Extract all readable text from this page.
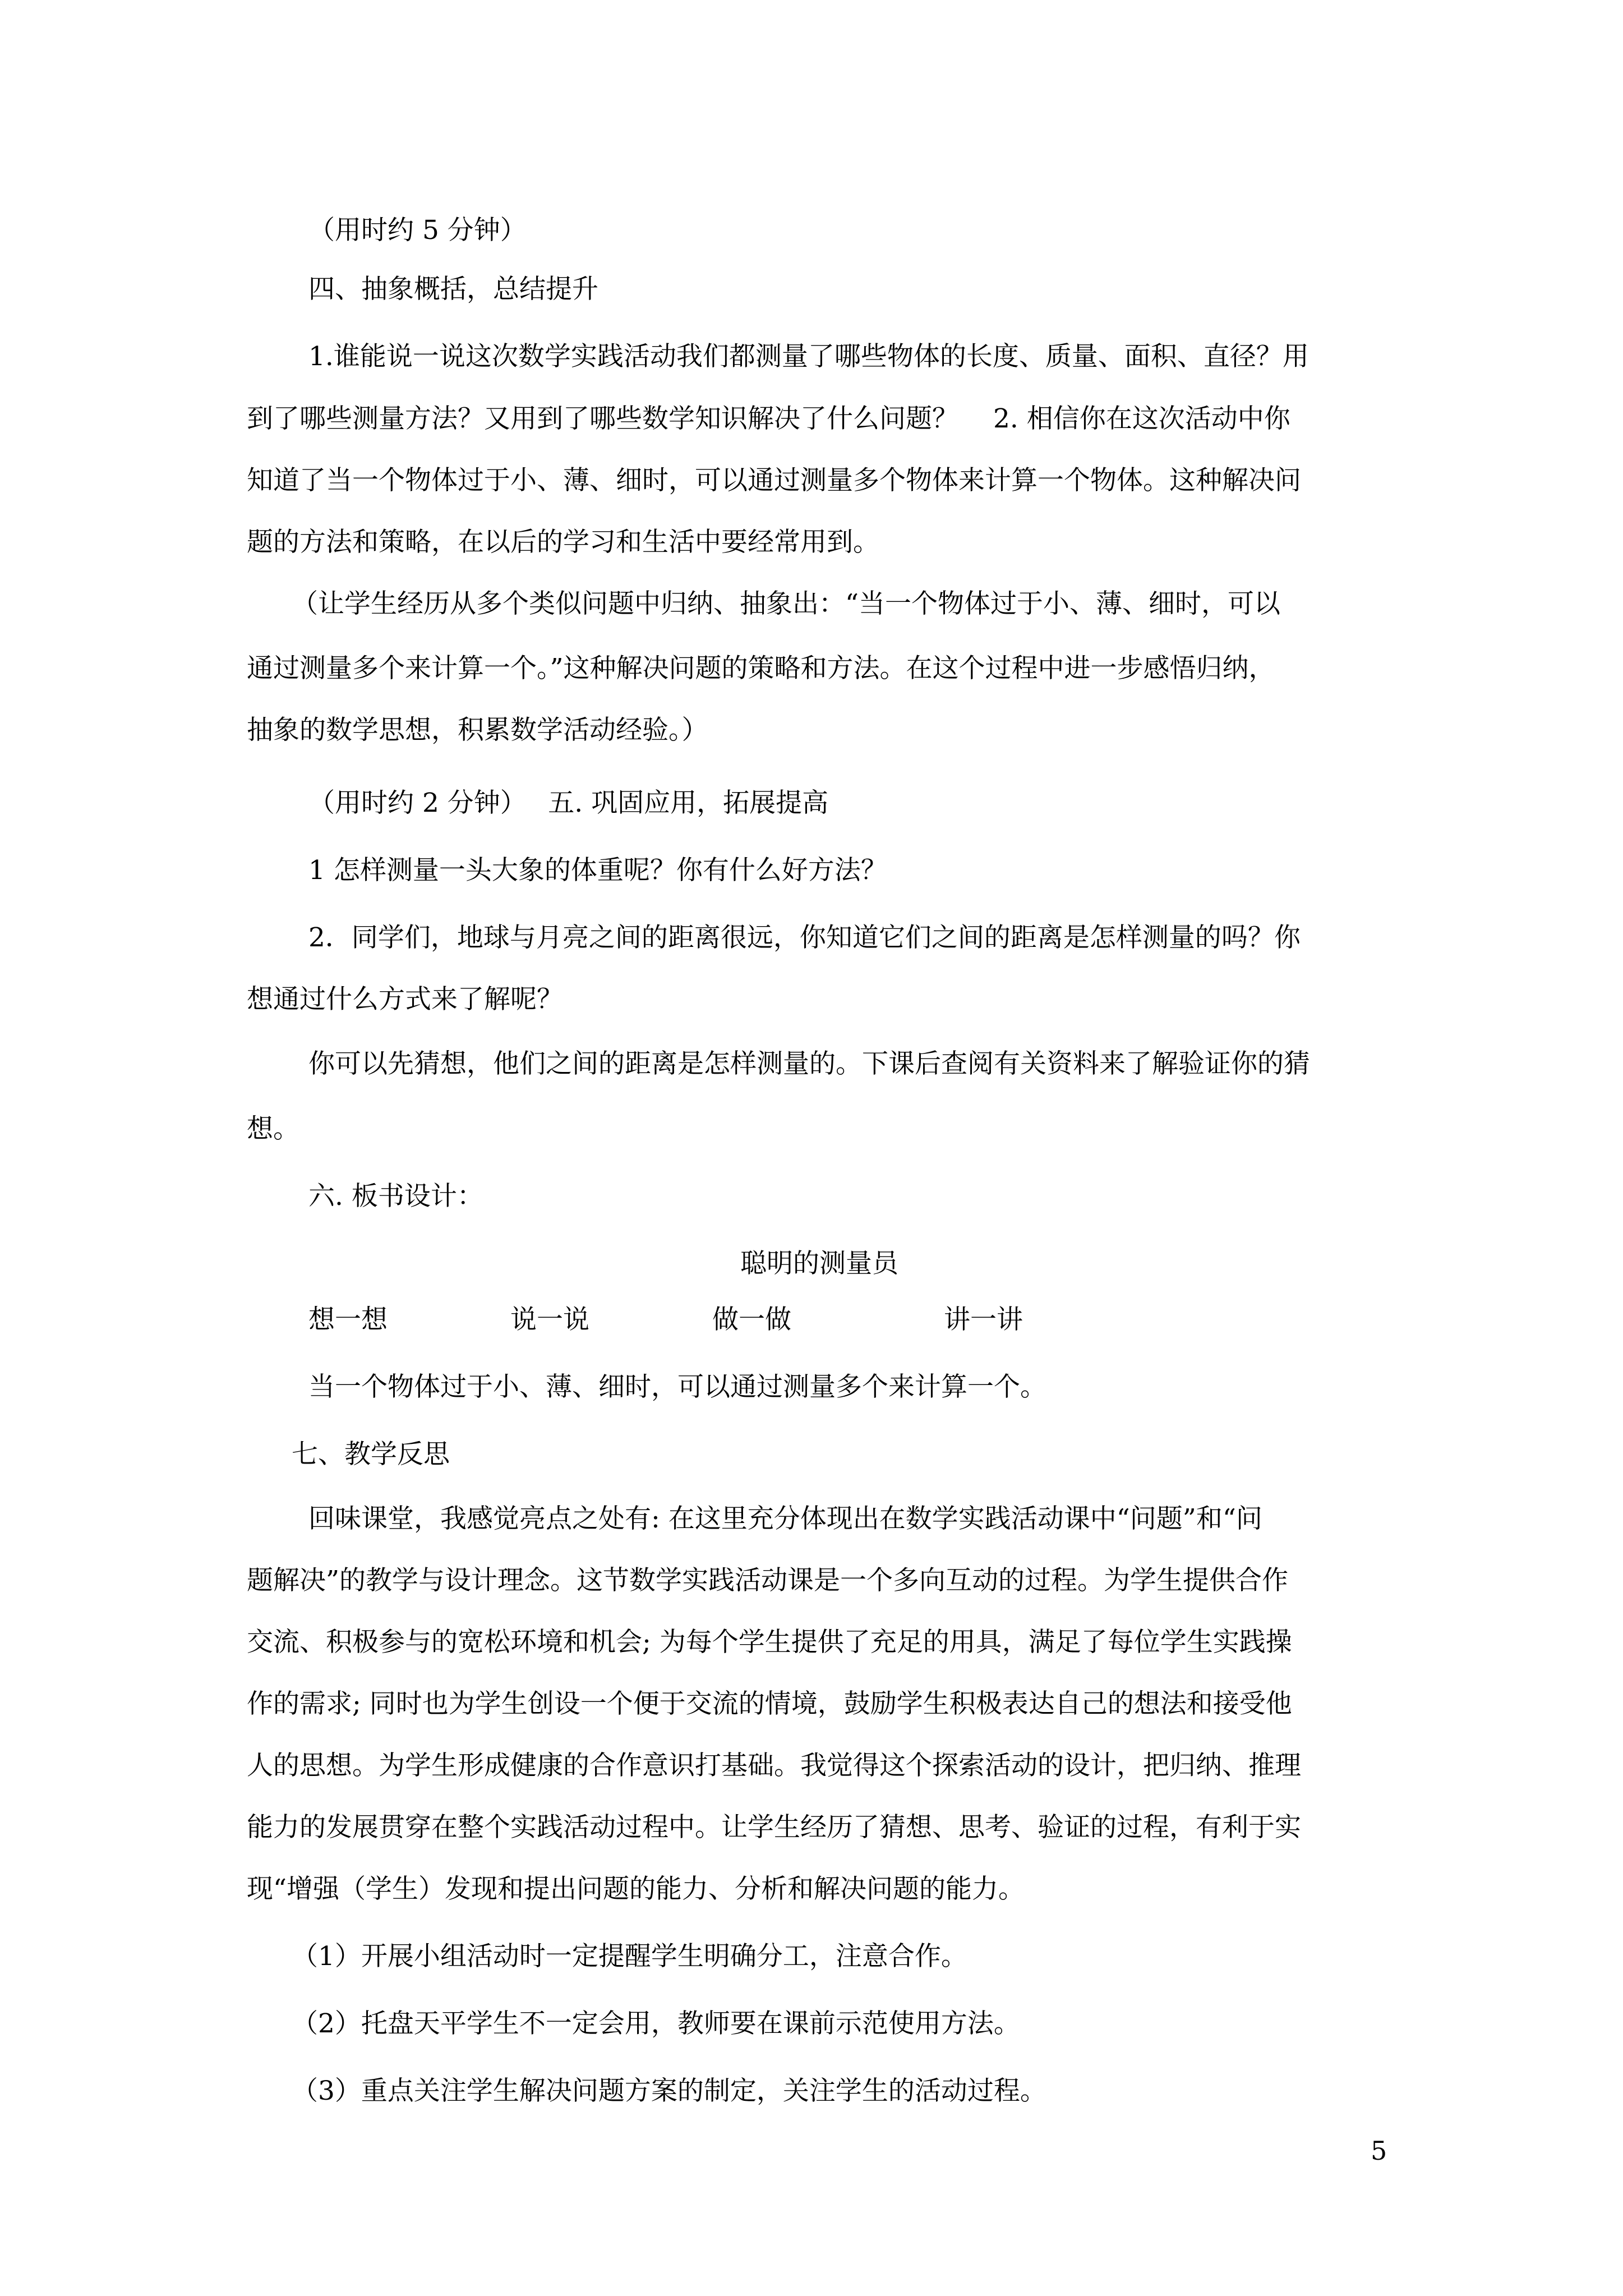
（用时约 5 分钟）
四、抽象概括，总结提升
1.谁能说一说这次数学实践活动我们都测量了哪些物体的长度、质量、面积、直径？用
到了哪些测量方法？又用到了哪些数学知识解决了什么问题？　 2. 相信你在这次活动中你
知道了当一个物体过于小、薄、细时，可以通过测量多个物体来计算一个物体。这种解决问
题的方法和策略，在以后的学习和生活中要经常用到。
（让学生经历从多个类似问题中归纳、抽象出：“当一个物体过于小、薄、细时，可以
通过测量多个来计算一个。”这种解决问题的策略和方法。在这个过程中进一步感悟归纳，
抽象的数学思想，积累数学活动经验。）
（用时约 2 分钟）　 五. 巩固应用，拓展提高
1 怎样测量一头大象的体重呢？你有什么好方法？
2．同学们，地球与月亮之间的距离很远，你知道它们之间的距离是怎样测量的吗？你
想通过什么方式来了解呢？
你可以先猜想，他们之间的距离是怎样测量的。下课后查阅有关资料来了解验证你的猜
想。
六. 板书设计：
聪明的测量员
想一想	说一说	做一做	讲一讲
当一个物体过于小、薄、细时，可以通过测量多个来计算一个。
七、教学反思
回味课堂，我感觉亮点之处有: 在这里充分体现出在数学实践活动课中“问题”和“问
题解决”的教学与设计理念。这节数学实践活动课是一个多向互动的过程。为学生提供合作
交流、积极参与的宽松环境和机会; 为每个学生提供了充足的用具，满足了每位学生实践操
作的需求; 同时也为学生创设一个便于交流的情境，鼓励学生积极表达自己的想法和接受他
人的思想。为学生形成健康的合作意识打基础。我觉得这个探索活动的设计，把归纳、推理
能力的发展贯穿在整个实践活动过程中。让学生经历了猜想、思考、验证的过程，有利于实
现“增强（学生）发现和提出问题的能力、分析和解决问题的能力。
（1）开展小组活动时一定提醒学生明确分工，注意合作。
（2）托盘天平学生不一定会用，教师要在课前示范使用方法。
（3）重点关注学生解决问题方案的制定，关注学生的活动过程。
5
